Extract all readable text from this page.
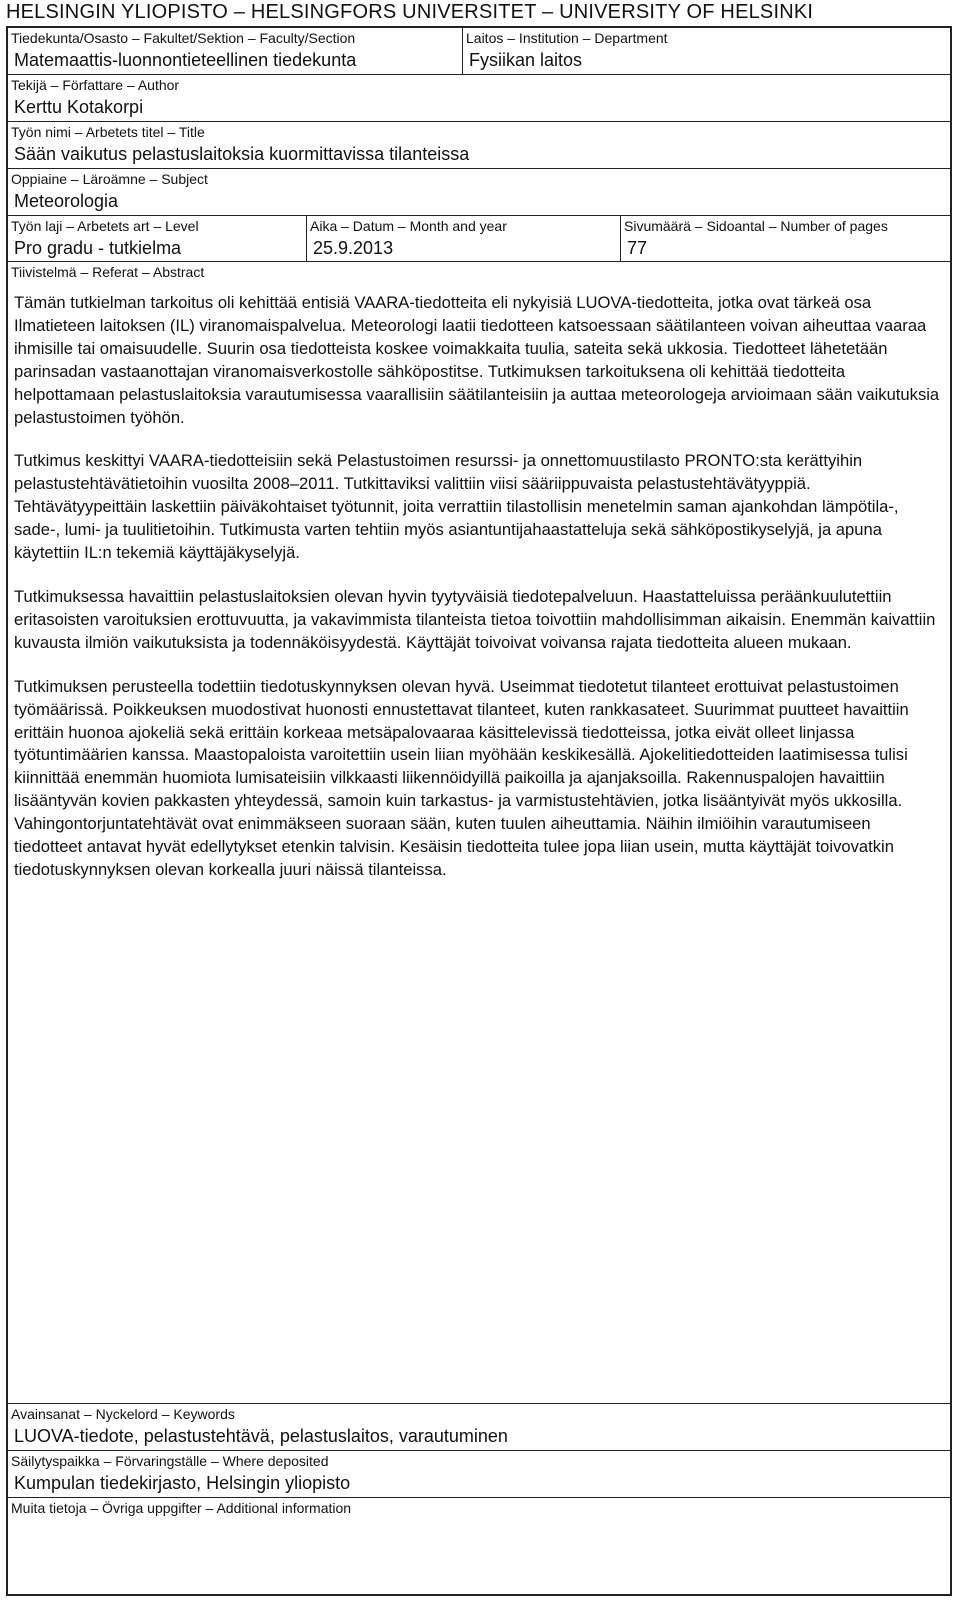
HELSINGIN YLIOPISTO – HELSINGFORS UNIVERSITET – UNIVERSITY OF HELSINKI
Tiedekunta/Osasto – Fakultet/Sektion – Faculty/Section
Matemaattis-luonnontieteellinen tiedekunta
Laitos – Institution – Department
Fysiikan laitos
Tekijä – Författare – Author
Kerttu Kotakorpi
Työn nimi – Arbetets titel – Title
Sään vaikutus pelastuslaitoksia kuormittavissa tilanteissa
Oppiaine – Läroämne – Subject
Meteorologia
Työn laji – Arbetets art – Level
Pro gradu - tutkielma
Aika – Datum – Month and year
25.9.2013
Sivumäärä – Sidoantal – Number of pages
77
Tiivistelmä – Referat – Abstract

Tämän tutkielman tarkoitus oli kehittää entisiä VAARA-tiedotteita eli nykyisiä LUOVA-tiedotteita, jotka ovat tärkeä osa Ilmatieteen laitoksen (IL) viranomaispalvelua. Meteorologi laatii tiedotteen katsoessaan säätilanteen voivan aiheuttaa vaaraa ihmisille tai omaisuudelle. Suurin osa tiedotteista koskee voimakkaita tuulia, sateita sekä ukkosia. Tiedotteet lähetetään parinsadan vastaanottajan viranomaisverkostolle sähköpostitse. Tutkimuksen tarkoituksena oli kehittää tiedotteita helpottamaan pelastuslaitoksia varautumisessa vaarallisiin säätilanteisiin ja auttaa meteorologeja arvioimaan sään vaikutuksia pelastustoimen työhön.

Tutkimus keskittyi VAARA-tiedotteisiin sekä Pelastustoimen resurssi- ja onnettomuustilasto PRONTO:sta kerättyihin pelastustehtävätietoihin vuosilta 2008–2011. Tutkittaviksi valittiin viisi sääriippuvaista pelastustehtävätyyppiä. Tehtävätyypeittäin laskettiin päiväkohtaiset työtunnit, joita verrattiin tilastollisin menetelmin saman ajankohdan lämpötila-, sade-, lumi- ja tuulitietoihin. Tutkimusta varten tehtiin myös asiantuntijahaastatteluja sekä sähköpostikyselyjä, ja apuna käytettiin IL:n tekemiä käyttäjäkyselyjä.

Tutkimuksessa havaittiin pelastuslaitoksien olevan hyvin tyytyväisiä tiedotepalveluun. Haastatteluissa peräänkuulutettiin eritasoisten varoituksien erottuvuutta, ja vakavimmista tilanteista tietoa toivottiin mahdollisimman aikaisin. Enemmän kaivattiin kuvausta ilmiön vaikutuksista ja todennäköisyydestä. Käyttäjät toivoivat voivansa rajata tiedotteita alueen mukaan.

Tutkimuksen perusteella todettiin tiedotuskynnyksen olevan hyvä. Useimmat tiedotetut tilanteet erottuivat pelastustoimen työmäärissä. Poikkeuksen muodostivat huonosti ennustettavat tilanteet, kuten rankkasateet. Suurimmat puutteet havaittiin erittäin huonoa ajokeliä sekä erittäin korkeaa metsäpalovaaraa käsittelevissä tiedotteissa, jotka eivät olleet linjassa työtuntimäärien kanssa. Maastopaloista varoitettiin usein liian myöhään keskikesällä. Ajokelitiedotteiden laatimisessa tulisi kiinnittää enemmän huomiota lumisateisiin vilkkaasti liikennöidyillä paikoilla ja ajanjaksoilla. Rakennuspalojen havaittiin lisääntyvän kovien pakkasten yhteydessä, samoin kuin tarkastus- ja varmistustehtävien, jotka lisääntyivät myös ukkosilla. Vahingontorjuntatehtävät ovat enimmäkseen suoraan sään, kuten tuulen aiheuttamia. Näihin ilmiöihin varautumiseen tiedotteet antavat hyvät edellytykset etenkin talvisin. Kesäisin tiedotteita tulee jopa liian usein, mutta käyttäjät toivovatkin tiedotuskynnyksen olevan korkealla juuri näissä tilanteissa.

Avainsanat – Nyckelord – Keywords
LUOVA-tiedote, pelastustehtävä, pelastuslaitos, varautuminen
Säilytyspaikka – Förvaringställe – Where deposited
Kumpulan tiedekirjasto, Helsingin yliopisto
Muita tietoja – Övriga uppgifter – Additional information
